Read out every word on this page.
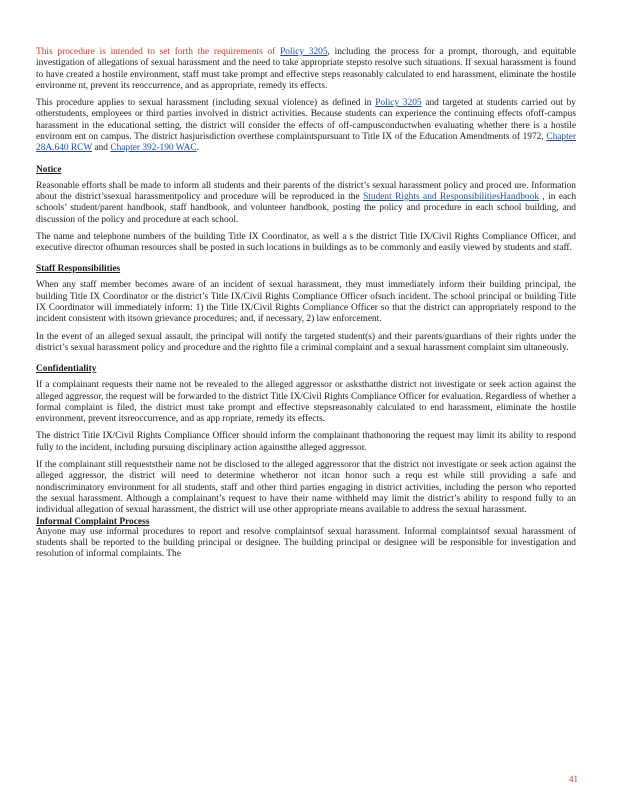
This procedure is intended to set forth the requirements of Policy 3205, including the process for a prompt, thorough, and equitable investigation of allegations of sexual harassment and the need to take appropriate stepsto resolve such situations. If sexual harassment is found to have created a hostile environment, staff must take prompt and effective steps reasonably calculated to end harassment, eliminate the hostile environme nt, prevent its reoccurrence, and as appropriate, remedy its effects.

This procedure applies to sexual harassment (including sexual violence) as defined in Policy 3205 and targeted at students carried out by otherstudents, employees or third parties involved in district activities. Because students can experience the continuing effects ofoff-campus harassment in the educational setting, the district will consider the effects of off-campusconductwhen evaluating whether there is a hostile environm ent on campus. The district hasjurisdiction overthese complaintspursuant to Title IX of the Education Amendments of 1972, Chapter 28A.640 RCW and Chapter 392-190 WAC.

Notice

Reasonable efforts shall be made to inform all students and their parents of the district’s sexual harassment policy and proced ure. Information about the district’ssexual harassmentpolicy and procedure will be reproduced in the Student Rights and ResponsibilitiesHandbook , in each schools’ student/parent handbook, staff handbook, and volunteer handbook, posting the policy and procedure in each school building, and discussion of the policy and procedure at each school.

The name and telephone numbers of the building Title IX Coordinator, as well a s the district Title IX/Civil Rights Compliance Officer, and executive director ofhuman resources shall be posted in such locations in buildings as to be commonly and easily viewed by students and staff.

Staff Responsibilities

When any staff member becomes aware of an incident of sexual harassment, they must immediately inform their building principal, the building Title IX Coordinator or the district’s Title IX/Civil Rights Compliance Officer ofsuch incident. The school principal or building Title IX Coordinator will immediately inform: 1) the Title IX/Civil Rights Compliance Officer so that the district can appropriately respond to the incident consistent with itsown grievance procedures; and, if necessary, 2) law enforcement.

In the event of an alleged sexual assault, the principal will notify the targeted student(s) and their parents/guardians of their rights under the district’s sexual harassment policy and procedure and the rightto file a criminal complaint and a sexual harassment complaint sim ultaneously.

Confidentiality

If a complainant requests their name not be revealed to the alleged aggressor or asksthatthe district not investigate or seek action against the alleged aggressor, the request will be forwarded to the district Title IX/Civil Rights Compliance Officer for evaluation. Regardless of whether a formal complaint is filed, the district must take prompt and effective stepsreasonably calculated to end harassment, eliminate the hostile environment, prevent itsreoccurrence, and as app ropriate, remedy its effects.

The district Title IX/Civil Rights Compliance Officer should inform the complainant thathonoring the request may limit its ability to respond fully to the incident, including pursuing disciplinary action againstthe alleged aggressor.

If the complainant still requeststheir name not be disclosed to the alleged aggressoror that the district not investigate or seek action against the alleged aggressor, the district will need to determine whetheror not itcan honor such a requ est while still providing a safe and nondiscriminatory environment for all students, staff and other third parties engaging in district activities, including the person who reported the sexual harassment. Although a complainant’s request to have their name withheld may limit the district’s ability to respond fully to an individual allegation of sexual harassment, the district will use other appropriate means available to address the sexual harassment.

Informal Complaint Process

Anyone may use informal procedures to report and resolve complaintsof sexual harassment. Informal complaintsof sexual harassment of students shall be reported to the building principal or designee. The building principal or designee will be responsible for investigation and resolution of informal complaints. The

41
